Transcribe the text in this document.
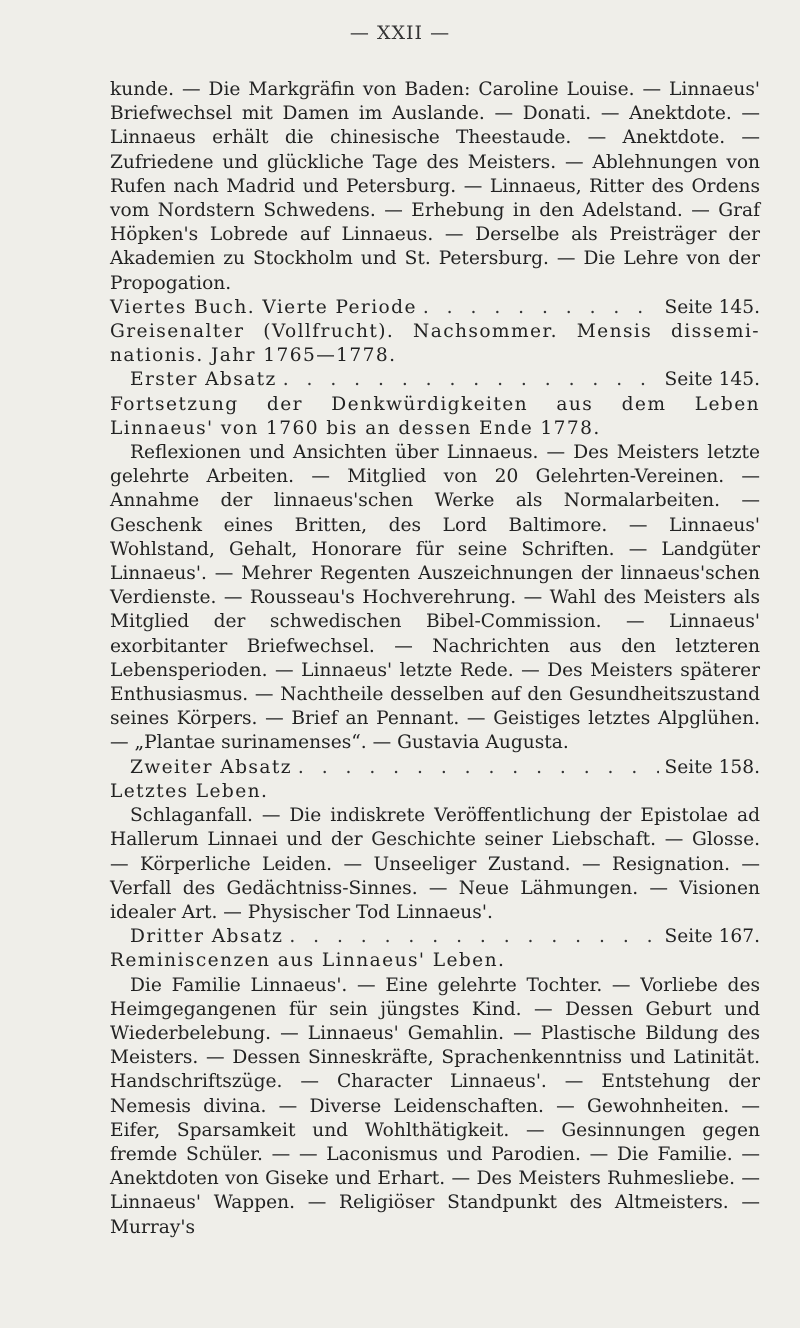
— XXII —

kunde. — Die Markgräfin von Baden: Caroline Louise. — Linnaeus' Briefwechsel mit Damen im Auslande. — Donati. — Anektdote. — Linnaeus erhält die chinesische Theestaude. — Anektdote. — Zufriedene und glückliche Tage des Meisters. — Ablehnungen von Rufen nach Madrid und Petersburg. — Linnaeus, Ritter des Ordens vom Nordstern Schwedens. — Erhebung in den Adelstand. — Graf Höpken's Lobrede auf Linnaeus. — Derselbe als Preisträger der Akademien zu Stockholm und St. Petersburg. — Die Lehre von der Propogation.

Viertes Buch. Vierte Periode . . .	Seite 145.

Greisenalter (Vollfrucht). Nachsommer. Mensis dissemi-nationis. Jahr 1765—1778.

Erster Absatz . . .	Seite 145.

Fortsetzung der Denkwürdigkeiten aus dem Leben Linnaeus' von 1760 bis an dessen Ende 1778.

Reflexionen und Ansichten über Linnaeus. — Des Meisters letzte gelehrte Arbeiten. — Mitglied von 20 Gelehrten-Vereinen. — Annahme der linnaeus'schen Werke als Normalarbeiten. — Geschenk eines Britten, des Lord Baltimore. — Linnaeus' Wohlstand, Gehalt, Honorare für seine Schriften. — Landgüter Linnaeus'. — Mehrer Regenten Auszeichnungen der linnaeus'schen Verdienste. — Rousseau's Hochverehrung. — Wahl des Meisters als Mitglied der schwedischen Bibel-Commission. — Linnaeus' exorbitanter Briefwechsel. — Nachrichten aus den letzteren Lebensperioden. — Linnaeus' letzte Rede. — Des Meisters späterer Enthusiasmus. — Nachtheile desselben auf den Gesundheitszustand seines Körpers. — Brief an Pennant. — Geistiges letztes Alpglühen. — „Plantae surinamenses“. — Gustavia Augusta.

Zweiter Absatz . . .	Seite 158.

Letztes Leben.

Schlaganfall. — Die indiskrete Veröffentlichung der Epistolae ad Hallerum Linnaei und der Geschichte seiner Liebschaft. — Glosse. — Körperliche Leiden. — Unseeliger Zustand. — Resignation. — Verfall des Gedächtniss-Sinnes. — Neue Lähmungen. — Visionen idealer Art. — Physischer Tod Linnaeus'.

Dritter Absatz . . .	Seite 167.

Reminiscenzen aus Linnaeus' Leben.

Die Familie Linnaeus'. — Eine gelehrte Tochter. — Vorliebe des Heimgegangenen für sein jüngstes Kind. — Dessen Geburt und Wiederbelebung. — Linnaeus' Gemahlin. — Plastische Bildung des Meisters. — Dessen Sinneskräfte, Sprachenkenntniss und Latinität. Handschriftszüge. — Character Linnaeus'. — Entstehung der Nemesis divina. — Diverse Leidenschaften. — Gewohnheiten. — Eifer, Sparsamkeit und Wohlthätigkeit. — Gesinnungen gegen fremde Schüler. — — Laconismus und Parodien. — Die Familie. — Anektdoten von Giseke und Erhart. — Des Meisters Ruhmesliebe. — Linnaeus' Wappen. — Religiöser Standpunkt des Altmeisters. — Murray's
